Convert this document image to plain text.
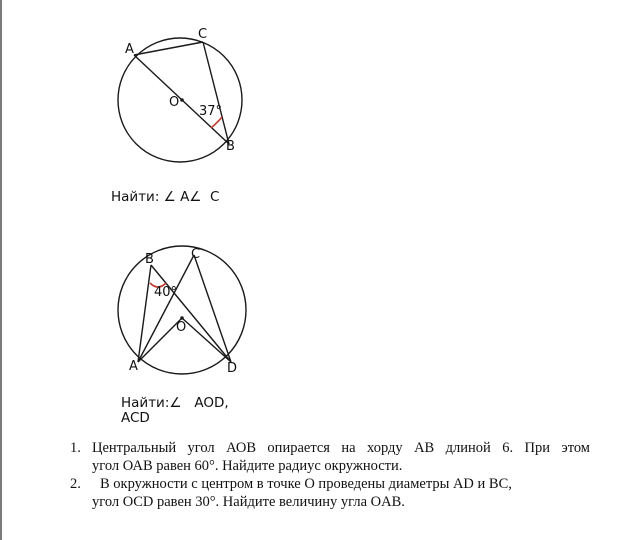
A
C
O
B
37°
Найти: ∠ A∠  C
B	C
O
A	D
40°
Найти:∠   AOD,
ACD
1. Центральный угол АОВ опирается на хорду АВ длиной 6. При этом
угол ОАВ равен 60°. Найдите радиус окружности.
2.	В окружности с центром в точке О проведены диаметры AD и ВС,
угол OCD равен 30°. Найдите величину угла OAB.
